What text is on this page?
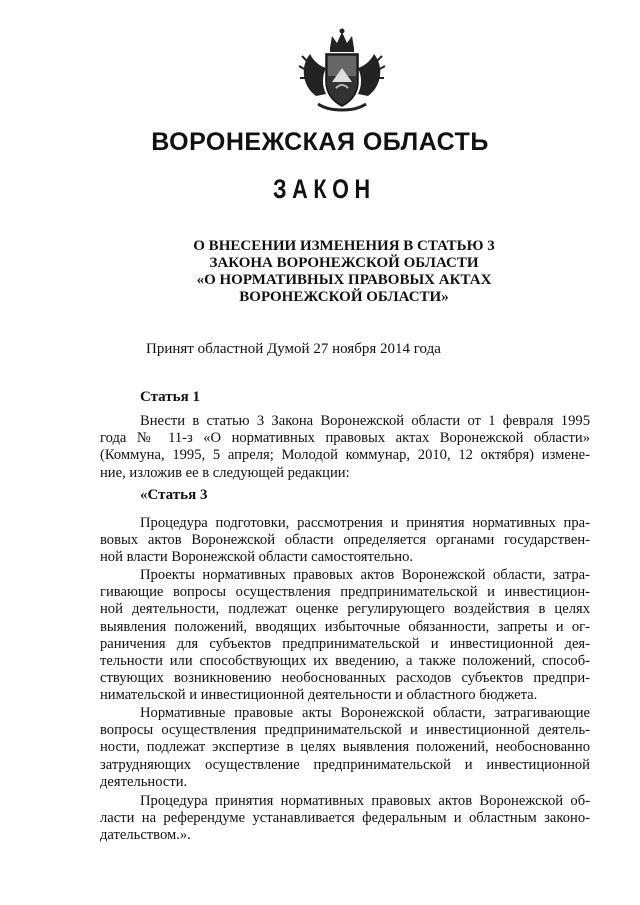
ВОРОНЕЖСКАЯ ОБЛАСТЬ
ЗАКОН
О ВНЕСЕНИИ ИЗМЕНЕНИЯ В СТАТЬЮ 3
ЗАКОНА ВОРОНЕЖСКОЙ ОБЛАСТИ
«О НОРМАТИВНЫХ ПРАВОВЫХ АКТАХ
ВОРОНЕЖСКОЙ ОБЛАСТИ»
Принят областной Думой 27 ноября 2014 года
Статья 1
Внести в статью 3 Закона Воронежской области от 1 февраля 1995
года № 11-з «О нормативных правовых актах Воронежской области»
(Коммуна, 1995, 5 апреля; Молодой коммунар, 2010, 12 октября) измене-
ние, изложив ее в следующей редакции:
«Статья 3
Процедура подготовки, рассмотрения и принятия нормативных пра-
вовых актов Воронежской области определяется органами государствен-
ной власти Воронежской области самостоятельно.
Проекты нормативных правовых актов Воронежской области, затра-
гивающие вопросы осуществления предпринимательской и инвестицион-
ной деятельности, подлежат оценке регулирующего воздействия в целях
выявления положений, вводящих избыточные обязанности, запреты и ог-
раничения для субъектов предпринимательской и инвестиционной дея-
тельности или способствующих их введению, а также положений, способ-
ствующих возникновению необоснованных расходов субъектов предпри-
нимательской и инвестиционной деятельности и областного бюджета.
Нормативные правовые акты Воронежской области, затрагивающие
вопросы осуществления предпринимательской и инвестиционной деятель-
ности, подлежат экспертизе в целях выявления положений, необоснованно
затрудняющих осуществление предпринимательской и инвестиционной
деятельности.
Процедура принятия нормативных правовых актов Воронежской об-
ласти на референдуме устанавливается федеральным и областным законо-
дательством.».
